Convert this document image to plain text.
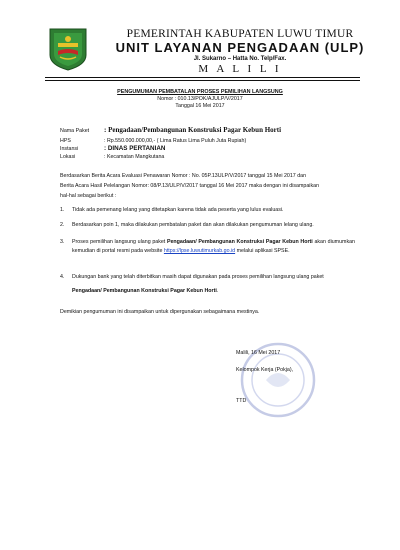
PEMERINTAH KABUPATEN LUWU TIMUR
UNIT LAYANAN PENGADAAN (ULP)
Jl. Sukarno – Hatta No. Telp/Fax.
M A L I L I
PENGUMUMAN PEMBATALAN PROSES PEMILIHAN LANGSUNG
Nomor : 010.13/POK/AJULP/V/2017
Tanggal 16 Mei 2017
Nama Paket : Pengadaan/Pembangunan Konstruksi Pagar Kebun Horti
HPS	: Rp.550.000.000,00,- ( Lima Ratus Lima Puluh Juta Rupiah)
Instansi	: DINAS PERTANIAN
Lokasi	: Kecamatan Mangkutana
Berdasarkan Berita Acara Evaluasi Penawaran Nomor : No. 05P.13ULP/V/2017 tanggal 15 Mei 2017 dan
Berita Acara Hasil Pelelangan Nomor: 08/P.13/ULP/V/2017 tanggal 16 Mei 2017 maka dengan ini disampaikan
hal-hal sebagai berikut :
1. Tidak ada pemenang lelang yang ditetapkan karena tidak ada peserta yang lulus evaluasi.
2. Berdasarkan poin 1, maka dilakukan pembatalan paket dan akan dilakukan pengumuman lelang ulang.
3. Proses pemilihan langsung ulang paket Pengadaan/ Pembangunan Konstruksi Pagar Kebun Horti akan diumumkan kemudian di portal resmi pada website https://lpse.luwutimurkab.go.id melalui aplikasi SPSE.
4. Dukungan bank yang telah diterbitkan masih dapat digunakan pada proses pemilihan langsung ulang paket
Pengadaan/ Pembangunan Konstruksi Pagar Kebun Horti.
Demikian pengumuman ini disampaikan untuk dipergunakan sebagaimana mestinya.
Malili, 16 Mei 2017
Kelompok Kerja (Pokja),
TTD
